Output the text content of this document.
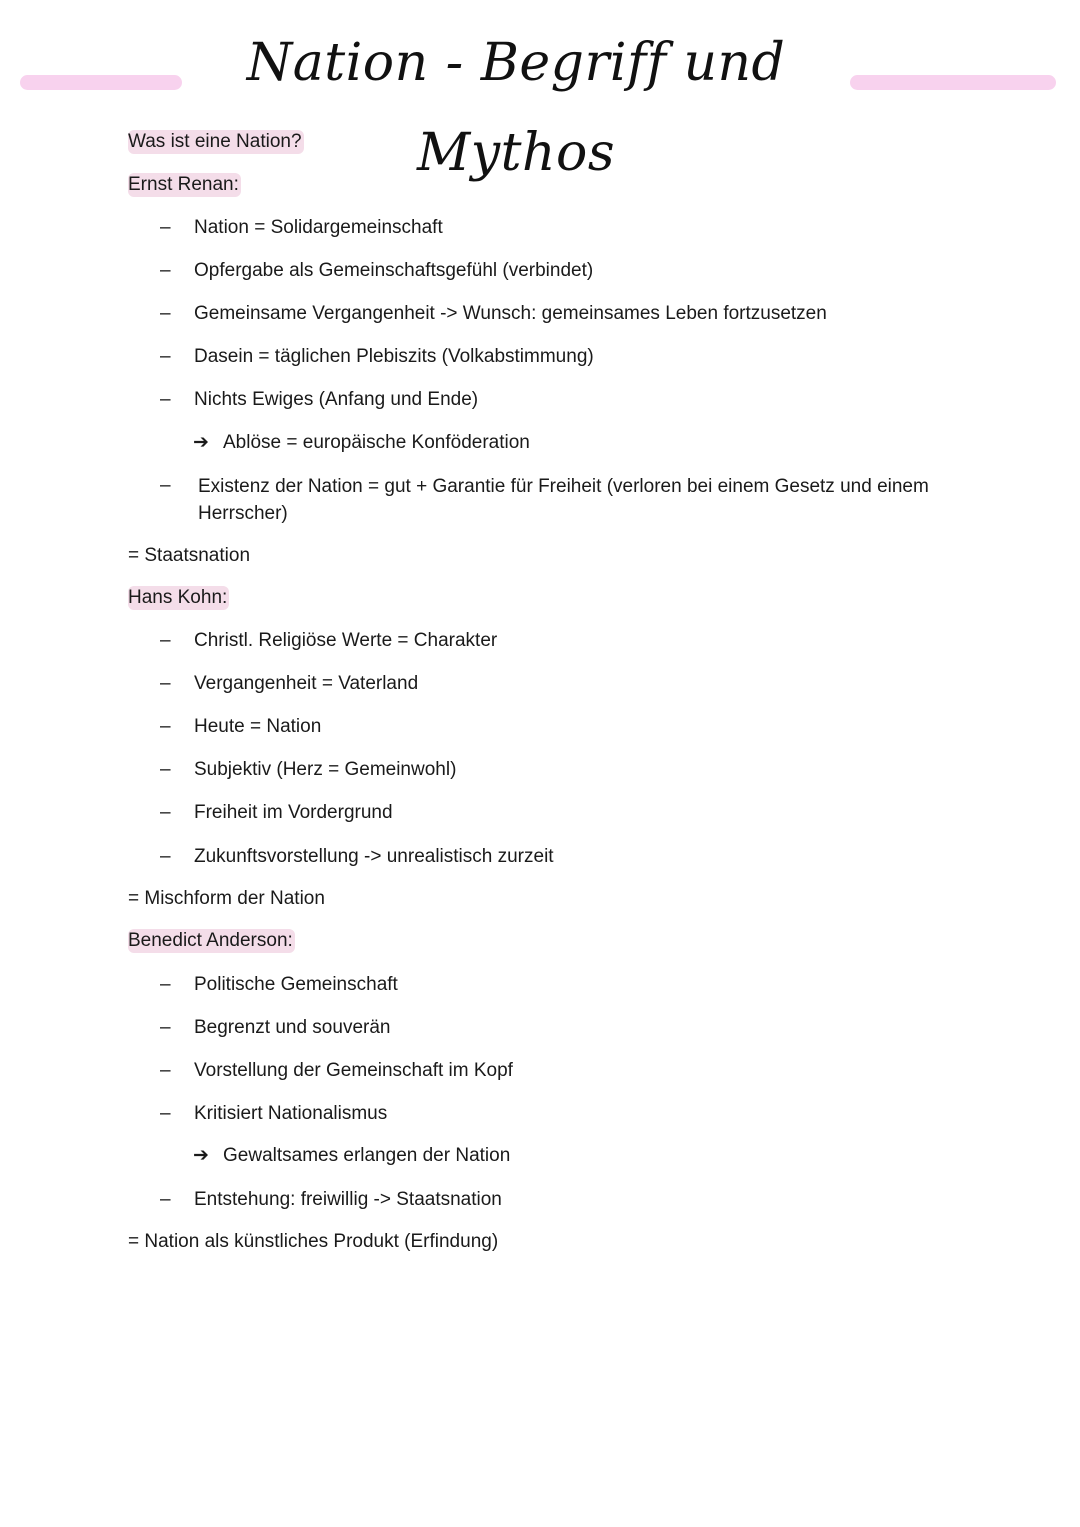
Nation - Begriff und Mythos
Was ist eine Nation?
Ernst Renan:
–	Nation = Solidargemeinschaft
–	Opfergabe als Gemeinschaftsgefühl (verbindet)
–	Gemeinsame Vergangenheit -> Wunsch: gemeinsames Leben fortzusetzen
–	Dasein = täglichen Plebiszits (Volkabstimmung)
–	Nichts Ewiges (Anfang und Ende)
➔ Ablöse = europäische Konföderation
–	Existenz der Nation = gut + Garantie für Freiheit (verloren bei einem Gesetz und einem Herrscher)
= Staatsnation
Hans Kohn:
–	Christl. Religiöse Werte = Charakter
–	Vergangenheit = Vaterland
–	Heute = Nation
–	Subjektiv (Herz = Gemeinwohl)
–	Freiheit im Vordergrund
–	Zukunftsvorstellung -> unrealistisch zurzeit
= Mischform der Nation
Benedict Anderson:
–	Politische Gemeinschaft
–	Begrenzt und souverän
–	Vorstellung der Gemeinschaft im Kopf
–	Kritisiert Nationalismus
➔ Gewaltsames erlangen der Nation
–	Entstehung: freiwillig -> Staatsnation
= Nation als künstliches Produkt (Erfindung)
